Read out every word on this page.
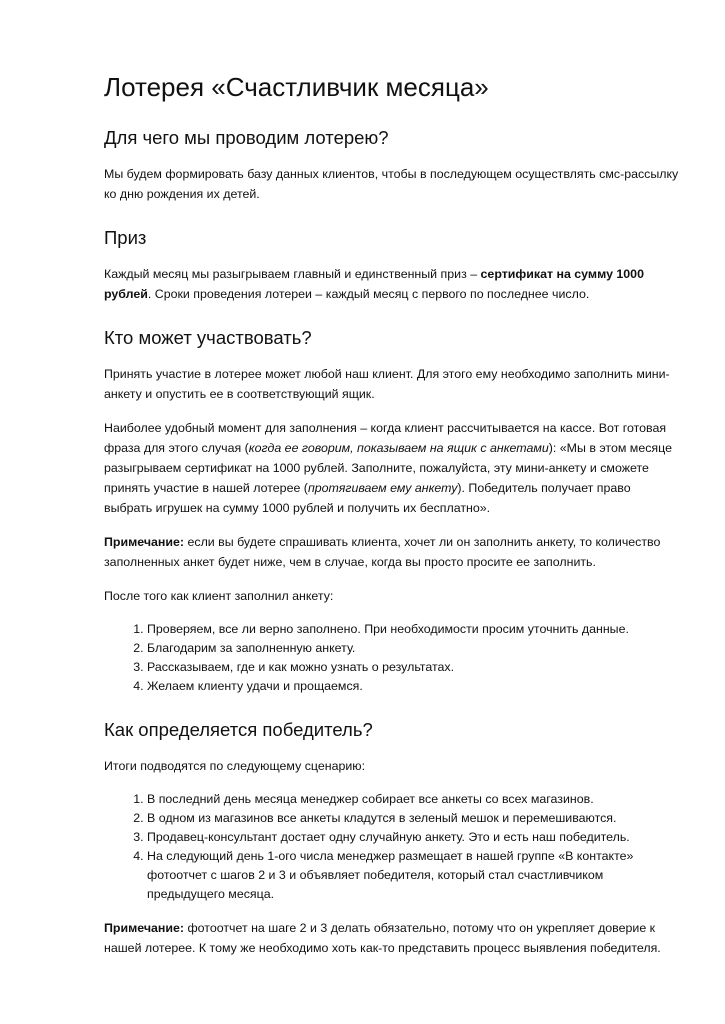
Лотерея «Счастливчик месяца»
Для чего мы проводим лотерею?

Мы будем формировать базу данных клиентов, чтобы в последующем осуществлять смс-рассылку ко дню рождения их детей.

Приз

Каждый месяц мы разыгрываем главный и единственный приз – сертификат на сумму 1000 рублей. Сроки проведения лотереи – каждый месяц с первого по последнее число.

Кто может участвовать?

Принять участие в лотерее может любой наш клиент. Для этого ему необходимо заполнить мини-анкету и опустить ее в соответствующий ящик.

Наиболее удобный момент для заполнения – когда клиент рассчитывается на кассе. Вот готовая фраза для этого случая (когда ее говорим, показываем на ящик с анкетами): «Мы в этом месяце разыгрываем сертификат на 1000 рублей. Заполните, пожалуйста, эту мини-анкету и сможете принять участие в нашей лотерее (протягиваем ему анкету). Победитель получает право выбрать игрушек на сумму 1000 рублей и получить их бесплатно».

Примечание: если вы будете спрашивать клиента, хочет ли он заполнить анкету, то количество заполненных анкет будет ниже, чем в случае, когда вы просто просите ее заполнить.

После того как клиент заполнил анкету:

1. Проверяем, все ли верно заполнено. При необходимости просим уточнить данные.
2. Благодарим за заполненную анкету.
3. Рассказываем, где и как можно узнать о результатах.
4. Желаем клиенту удачи и прощаемся.
Как определяется победитель?

Итоги подводятся по следующему сценарию:

1. В последний день месяца менеджер собирает все анкеты со всех магазинов.
2. В одном из магазинов все анкеты кладутся в зеленый мешок и перемешиваются.
3. Продавец-консультант достает одну случайную анкету. Это и есть наш победитель.
4. На следующий день 1-ого числа менеджер размещает в нашей группе «В контакте» фотоотчет с шагов 2 и 3 и объявляет победителя, который стал счастливчиком предыдущего месяца.

Примечание: фотоотчет на шаге 2 и 3 делать обязательно, потому что он укрепляет доверие к нашей лотерее. К тому же необходимо хоть как-то представить процесс выявления победителя.
